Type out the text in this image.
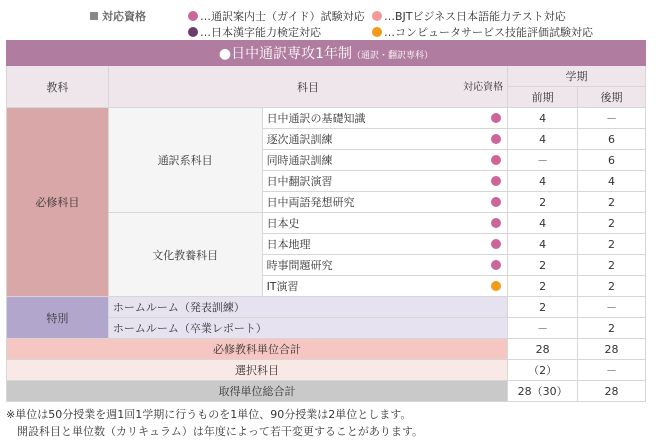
対応資格	…通訳案内士（ガイド）試験対応	…BJTビジネス日本語能力テスト対応
…日本漢字能力検定対応	…コンピュータサービス技能評価試験対応
●日中通訳専攻1年制（通訳・翻訳専科）				
教科	科目 対応資格		学期	
			前期	後期
必修科目	通訳系科目	日中通訳の基礎知識	4	－
		逐次通訳訓練	4	6
		同時通訳訓練	－	6
		日中翻訳演習	4	4
		日中両語発想研究	2	2
	文化教養科目	日本史	4	2
		日本地理	4	2
		時事問題研究	2	2
		IT演習	2	2
特別	ホームルーム（発表訓練）		2	－
	ホームルーム（卒業レポート）		－	2
必修教科単位合計			28	28
選択科目			（2）	－
取得単位総合計			28（30）	28
※単位は50分授業を週1回1学期に行うものを1単位、90分授業は2単位とします。
　開設科目と単位数（カリキュラム）は年度によって若干変更することがあります。
